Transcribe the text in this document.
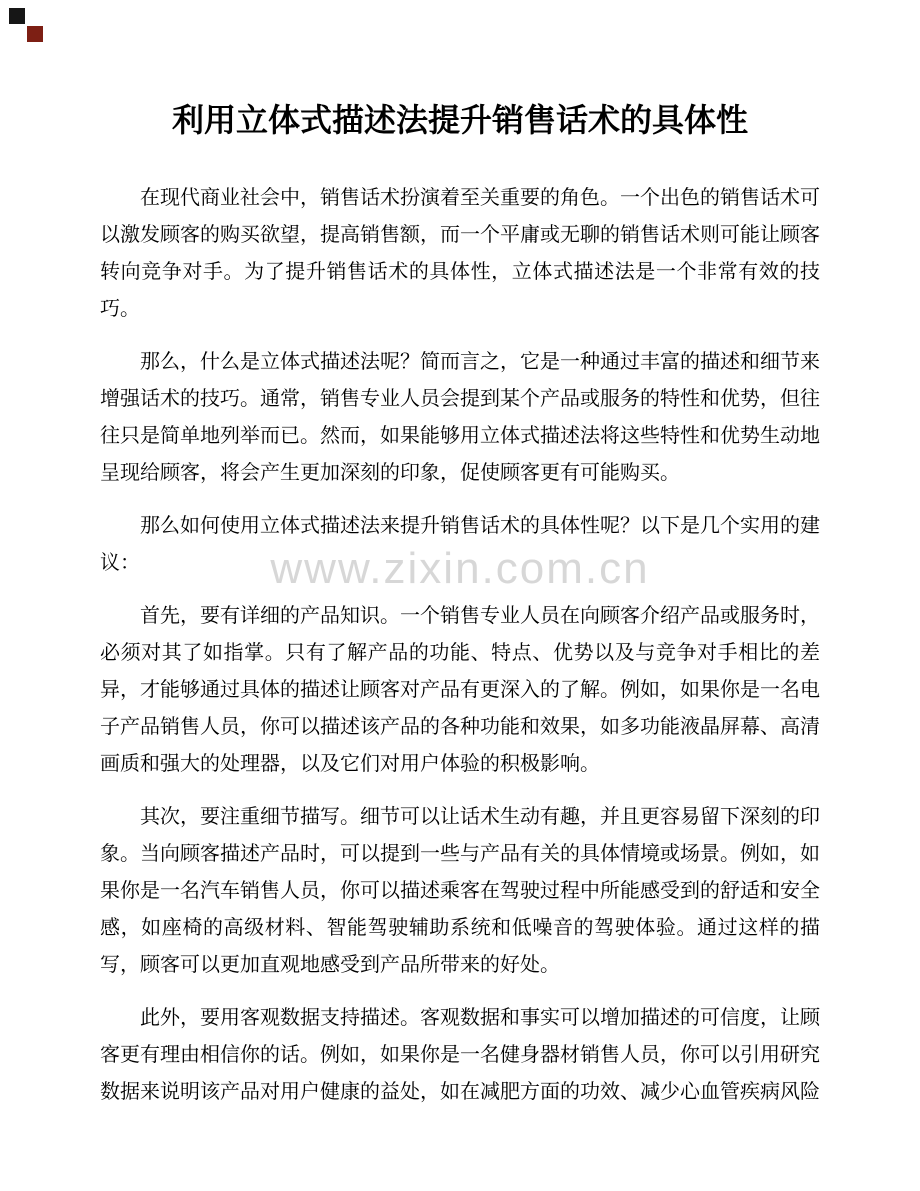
www.zixin.com.cn
利用立体式描述法提升销售话术的具体性

在现代商业社会中，销售话术扮演着至关重要的角色。一个出色的销售话术可以激发顾客的购买欲望，提高销售额，而一个平庸或无聊的销售话术则可能让顾客转向竞争对手。为了提升销售话术的具体性，立体式描述法是一个非常有效的技巧。

那么，什么是立体式描述法呢？简而言之，它是一种通过丰富的描述和细节来增强话术的技巧。通常，销售专业人员会提到某个产品或服务的特性和优势，但往往只是简单地列举而已。然而，如果能够用立体式描述法将这些特性和优势生动地呈现给顾客，将会产生更加深刻的印象，促使顾客更有可能购买。

那么如何使用立体式描述法来提升销售话术的具体性呢？以下是几个实用的建议：

首先，要有详细的产品知识。一个销售专业人员在向顾客介绍产品或服务时，必须对其了如指掌。只有了解产品的功能、特点、优势以及与竞争对手相比的差异，才能够通过具体的描述让顾客对产品有更深入的了解。例如，如果你是一名电子产品销售人员，你可以描述该产品的各种功能和效果，如多功能液晶屏幕、高清画质和强大的处理器，以及它们对用户体验的积极影响。

其次，要注重细节描写。细节可以让话术生动有趣，并且更容易留下深刻的印象。当向顾客描述产品时，可以提到一些与产品有关的具体情境或场景。例如，如果你是一名汽车销售人员，你可以描述乘客在驾驶过程中所能感受到的舒适和安全感，如座椅的高级材料、智能驾驶辅助系统和低噪音的驾驶体验。通过这样的描写，顾客可以更加直观地感受到产品所带来的好处。

此外，要用客观数据支持描述。客观数据和事实可以增加描述的可信度，让顾客更有理由相信你的话。例如，如果你是一名健身器材销售人员，你可以引用研究数据来说明该产品对用户健康的益处，如在减肥方面的功效、减少心血管疾病风险
